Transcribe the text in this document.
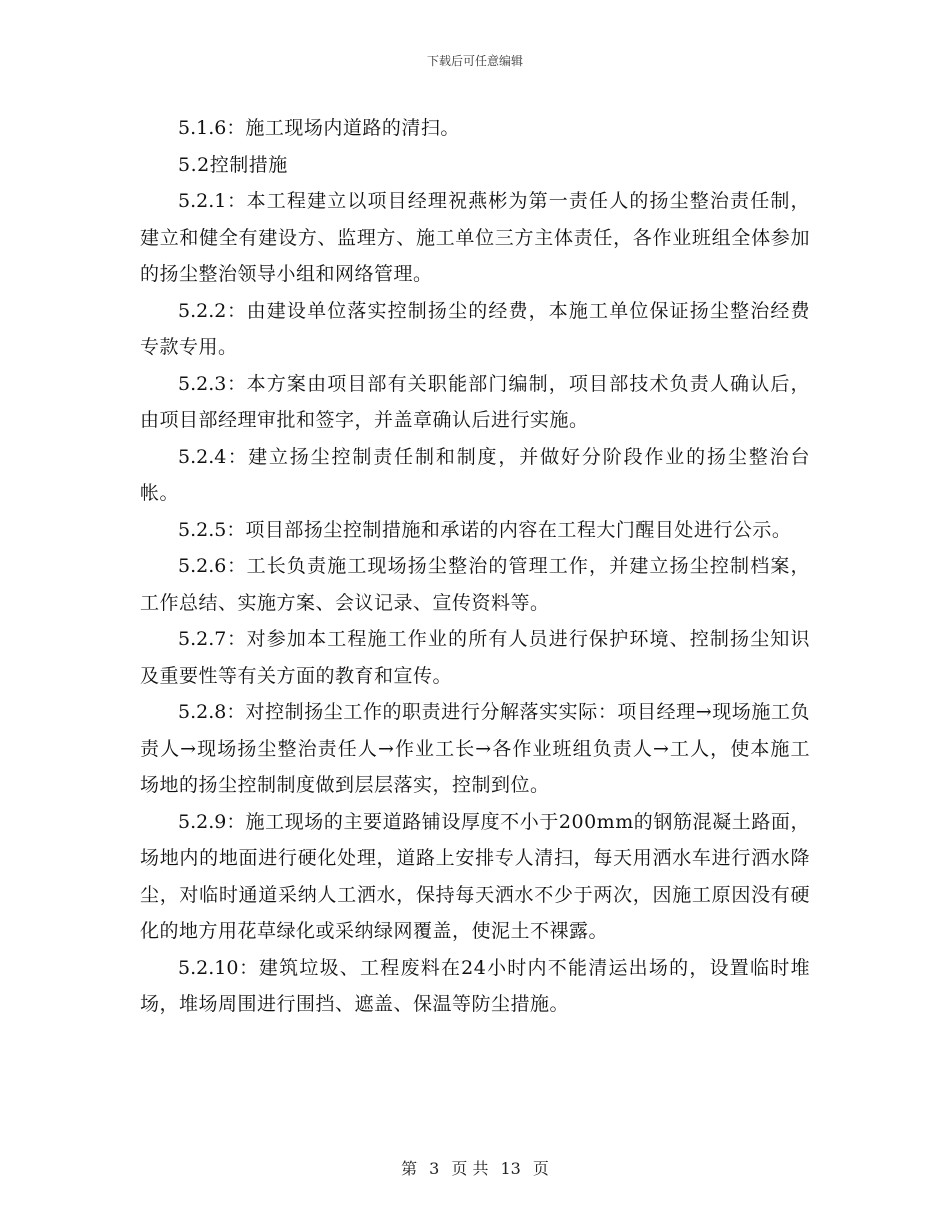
下载后可任意编辑

5.1.6：施工现场内道路的清扫。

5.2控制措施

5.2.1：本工程建立以项目经理祝燕彬为第一责任人的扬尘整治责任制，建立和健全有建设方、监理方、施工单位三方主体责任，各作业班组全体参加的扬尘整治领导小组和网络管理。

5.2.2：由建设单位落实控制扬尘的经费，本施工单位保证扬尘整治经费专款专用。

5.2.3：本方案由项目部有关职能部门编制，项目部技术负责人确认后，由项目部经理审批和签字，并盖章确认后进行实施。

5.2.4：建立扬尘控制责任制和制度，并做好分阶段作业的扬尘整治台帐。

5.2.5：项目部扬尘控制措施和承诺的内容在工程大门醒目处进行公示。

5.2.6：工长负责施工现场扬尘整治的管理工作，并建立扬尘控制档案，工作总结、实施方案、会议记录、宣传资料等。

5.2.7：对参加本工程施工作业的所有人员进行保护环境、控制扬尘知识及重要性等有关方面的教育和宣传。

5.2.8：对控制扬尘工作的职责进行分解落实实际：项目经理→现场施工负责人→现场扬尘整治责任人→作业工长→各作业班组负责人→工人，使本施工场地的扬尘控制制度做到层层落实，控制到位。

5.2.9：施工现场的主要道路铺设厚度不小于200mm的钢筋混凝土路面，场地内的地面进行硬化处理，道路上安排专人清扫，每天用洒水车进行洒水降尘，对临时通道采纳人工洒水，保持每天洒水不少于两次，因施工原因没有硬化的地方用花草绿化或采纳绿网覆盖，使泥土不裸露。

5.2.10：建筑垃圾、工程废料在24小时内不能清运出场的，设置临时堆场，堆场周围进行围挡、遮盖、保温等防尘措施。

第 3 页 共 13 页
